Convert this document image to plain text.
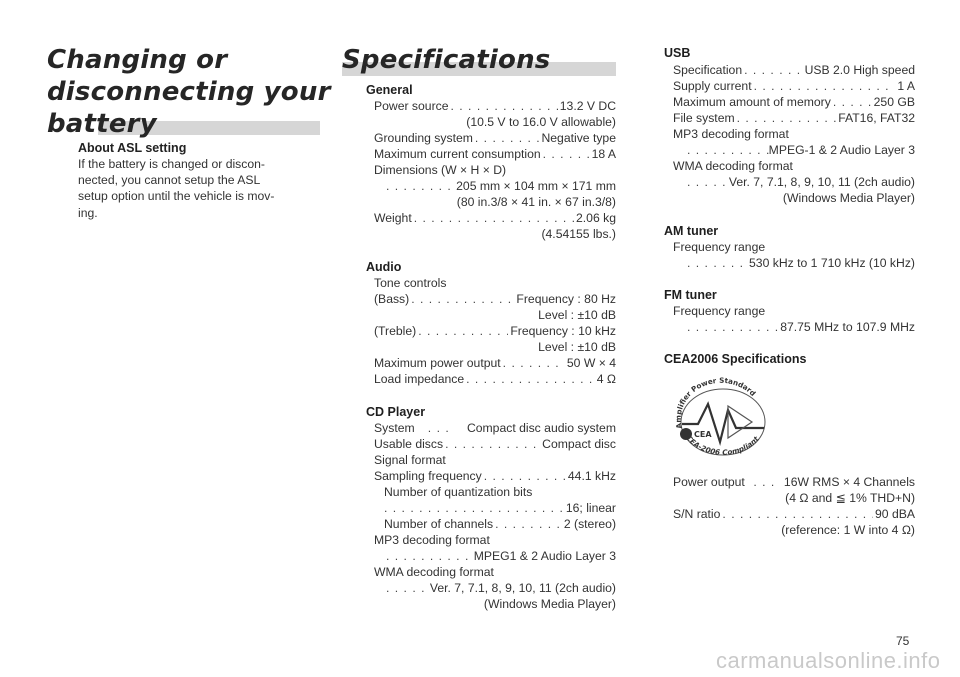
Changing or
disconnecting your
battery
About ASL setting
If the battery is changed or discon-
nected, you cannot setup the ASL
setup option until the vehicle is mov-
ing.
Specifications
General
Power source . . .	13.2 V DC
(10.5 V to 16.0 V allowable)
Grounding system . . .	Negative type
Maximum current consumption . . .	18 A
Dimensions (W × H × D)
. . .
205 mm × 104 mm × 171 mm
(80 in.3/8 × 41 in. × 67 in.3/8)
Weight . . .	2.06 kg
(4.54155 lbs.)
Audio
Tone controls
(Bass) . . .	Frequency : 80 Hz
Level : ±10 dB
(Treble) . . .	Frequency : 10 kHz
Level : ±10 dB
Maximum power output . . .	50 W × 4
Load impedance . . .	4 Ω
CD Player
System . . .	Compact disc audio system
Usable discs . . .	Compact disc
Signal format
Sampling frequency . . .	44.1 kHz
Number of quantization bits
. . .
16; linear
Number of channels . . .	2 (stereo)
MP3 decoding format
. . .
MPEG1 & 2 Audio Layer 3
WMA decoding format
. . .
Ver. 7, 7.1, 8, 9, 10, 11 (2ch audio)
(Windows Media Player)
USB
Specification . . .	USB 2.0 High speed
Supply current . . .	1 A
Maximum amount of memory . . .	250 GB
File system . . .	FAT16, FAT32
MP3 decoding format
. . .
MPEG-1 & 2 Audio Layer 3
WMA decoding format
. . .
Ver. 7, 7.1, 8, 9, 10, 11 (2ch audio)
(Windows Media Player)
AM tuner
Frequency range
. . .
530 kHz to 1 710 kHz (10 kHz)
FM tuner
Frequency range
. . .
87.75 MHz to 107.9 MHz
CEA2006 Specifications
CEA
Amplifier Power Standard
CEA-2006 Compliant
Power output . . .	16W RMS × 4 Channels
(4 Ω and ≦ 1% THD+N)
S/N ratio . . .	90 dBA
(reference: 1 W into 4 Ω)
75
carmanualsonline.info
